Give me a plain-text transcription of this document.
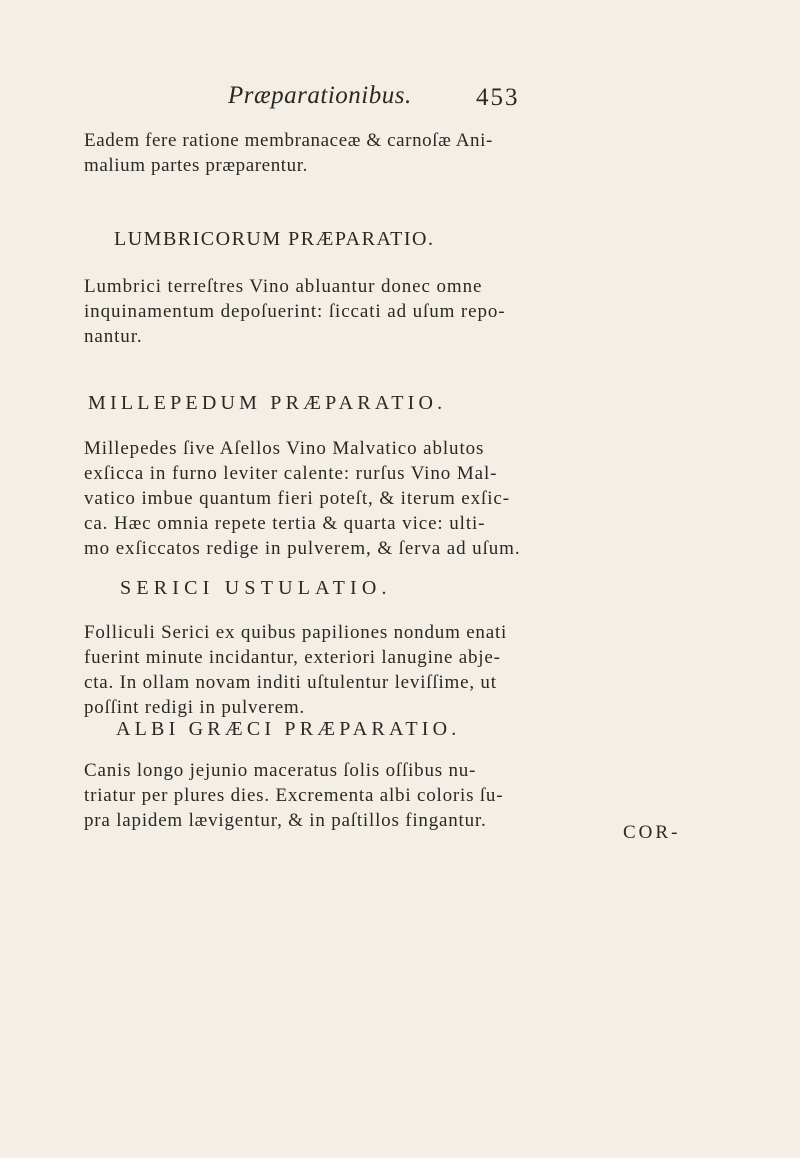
Præparationibus.	453

Eadem fere ratione membranaceæ & carnoſæ Ani-
malium partes præparentur.

LUMBRICORUM PRÆPARATIO.

Lumbrici terreſtres Vino abluantur donec omne
inquinamentum depoſuerint: ſiccati ad uſum repo-
nantur.

MILLEPEDUM PRÆPARATIO.

Millepedes ſive Aſellos Vino Malvatico ablutos
exſicca in furno leviter calente: rurſus Vino Mal-
vatico imbue quantum fieri poteſt, & iterum exſic-
ca. Hæc omnia repete tertia & quarta vice: ulti-
mo exſiccatos redige in pulverem, & ſerva ad uſum.

SERICI USTULATIO.

Folliculi Serici ex quibus papiliones nondum enati
fuerint minute incidantur, exteriori lanugine abje-
cta. In ollam novam inditi uſtulentur leviſſime, ut
poſſint redigi in pulverem.

ALBI GRÆCI PRÆPARATIO.

Canis longo jejunio maceratus ſolis oſſibus nu-
triatur per plures dies. Excrementa albi coloris ſu-
pra lapidem lævigentur, & in paſtillos fingantur.

COR-
